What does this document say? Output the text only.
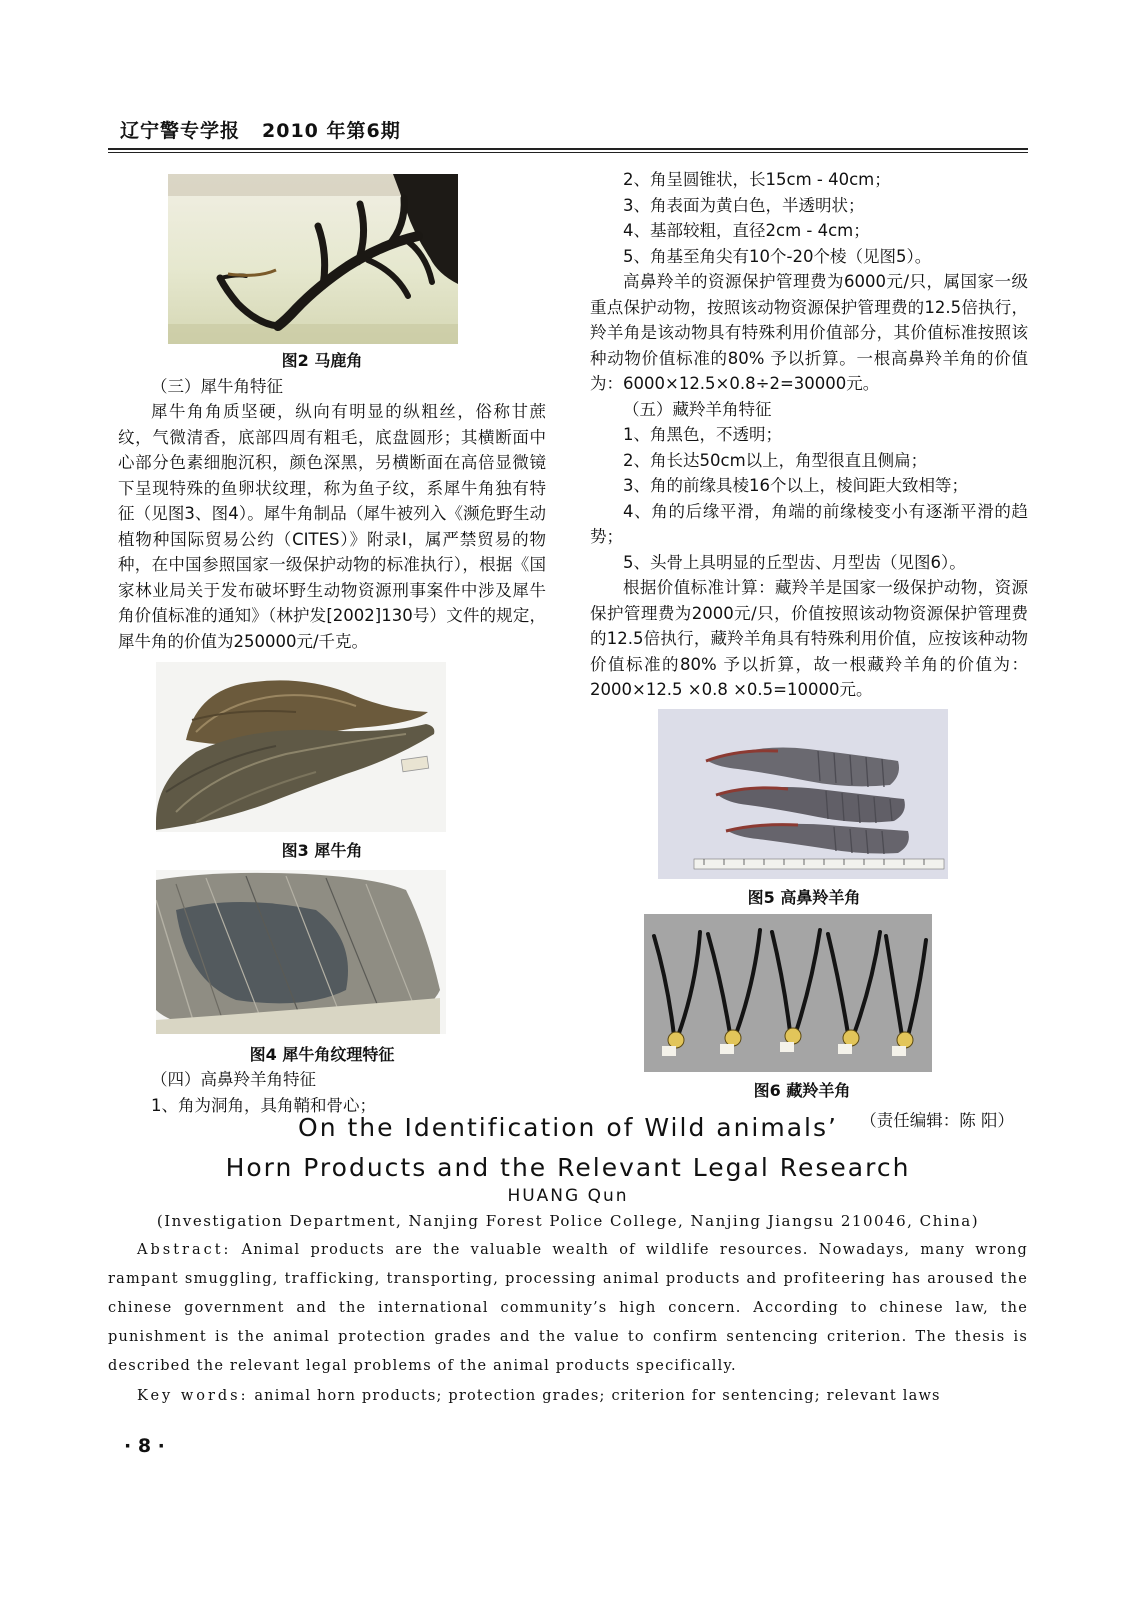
辽宁警专学报 2010 年第6期
图2 马鹿角

（三）犀牛角特征

犀牛角角质坚硬，纵向有明显的纵粗丝，俗称甘蔗纹，气微清香，底部四周有粗毛，底盘圆形；其横断面中心部分色素细胞沉积，颜色深黑，另横断面在高倍显微镜下呈现特殊的鱼卵状纹理，称为鱼子纹，系犀牛角独有特征（见图3、图4）。犀牛角制品（犀牛被列入《濒危野生动植物种国际贸易公约（CITES）》附录I，属严禁贸易的物种，在中国参照国家一级保护动物的标准执行），根据《国家林业局关于发布破坏野生动物资源刑事案件中涉及犀牛角价值标准的通知》（林护发[2002]130号）文件的规定，犀牛角的价值为250000元/千克。

图3 犀牛角
图4 犀牛角纹理特征

（四）高鼻羚羊角特征

1、角为洞角，具角鞘和骨心；

2、角呈圆锥状，长15cm - 40cm；

3、角表面为黄白色，半透明状；

4、基部较粗，直径2cm - 4cm；

5、角基至角尖有10个-20个棱（见图5）。

高鼻羚羊的资源保护管理费为6000元/只，属国家一级重点保护动物，按照该动物资源保护管理费的12.5倍执行，羚羊角是该动物具有特殊利用价值部分，其价值标准按照该种动物价值标准的80% 予以折算。一根高鼻羚羊角的价值为：6000×12.5×0.8÷2=30000元。

（五）藏羚羊角特征

1、角黑色，不透明；

2、角长达50cm以上，角型很直且侧扁；

3、角的前缘具棱16个以上，棱间距大致相等；

4、角的后缘平滑，角端的前缘棱变小有逐渐平滑的趋势；

5、头骨上具明显的丘型齿、月型齿（见图6）。

根据价值标准计算：藏羚羊是国家一级保护动物，资源保护管理费为2000元/只，价值按照该动物资源保护管理费的12.5倍执行，藏羚羊角具有特殊利用价值，应按该种动物价值标准的80% 予以折算，故一根藏羚羊角的价值为：2000×12.5 ×0.8 ×0.5=10000元。

图5 高鼻羚羊角
图6 藏羚羊角
（责任编辑：陈 阳）
On the Identification of Wild animals’
Horn Products and the Relevant Legal Research
HUANG Qun
(Investigation Department, Nanjing Forest Police College, Nanjing Jiangsu 210046, China)
Abstract: Animal products are the valuable wealth of wildlife resources. Nowadays, many wrong rampant smuggling, trafficking, transporting, processing animal products and profiteering has aroused the chinese government and the international community’s high concern. According to chinese law, the punishment is the animal protection grades and the value to confirm sentencing criterion. The thesis is described the relevant legal problems of the animal products specifically.
Key words: animal horn products; protection grades; criterion for sentencing; relevant laws
· 8 ·
